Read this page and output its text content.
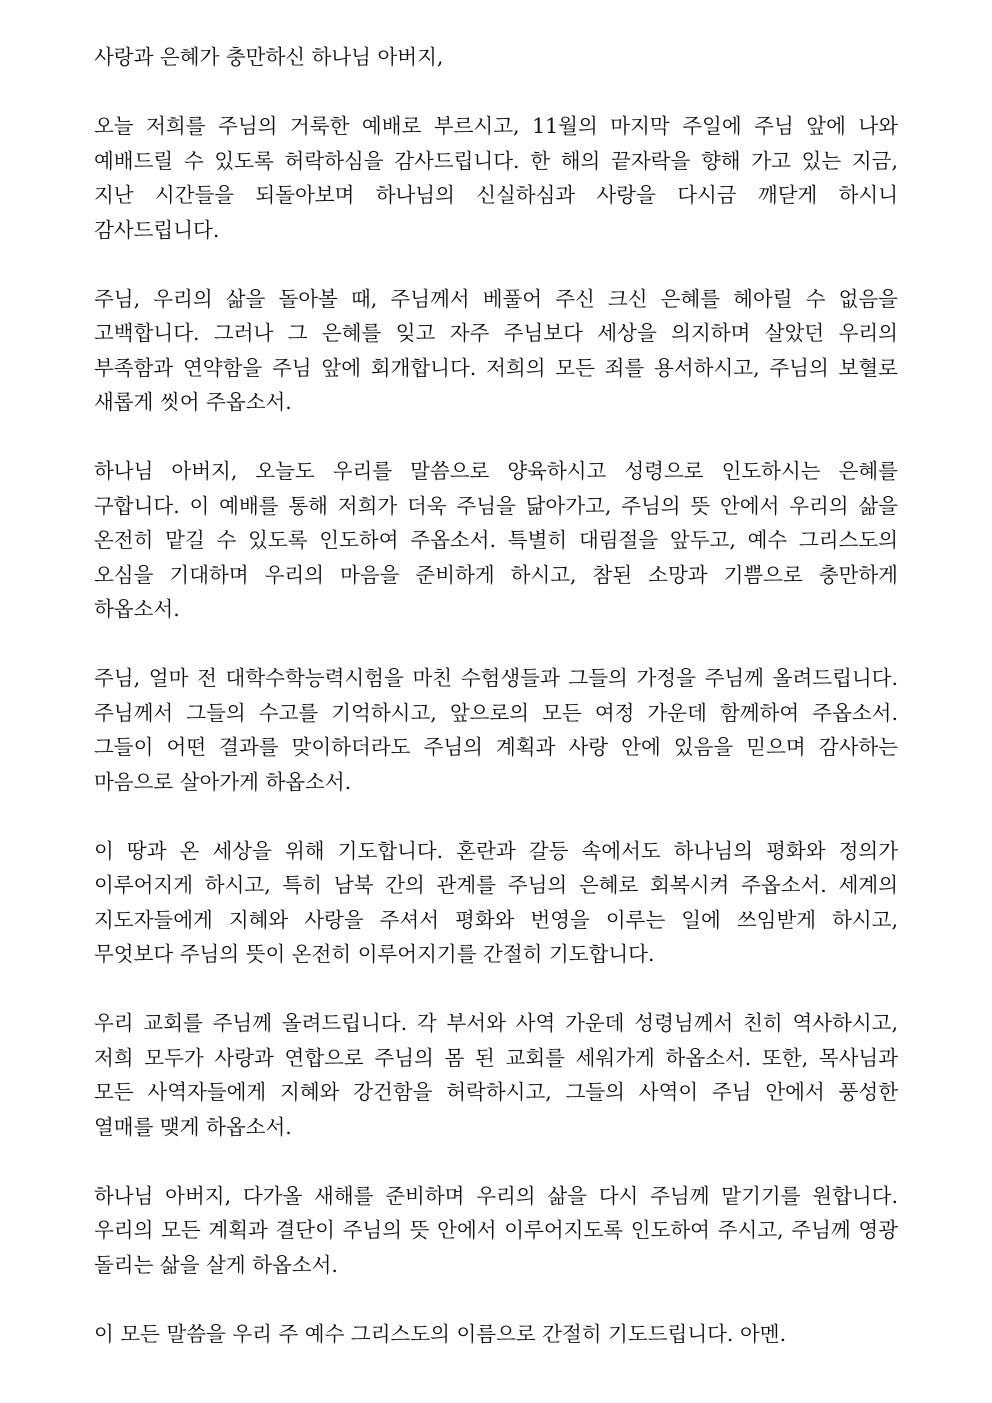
사랑과 은혜가 충만하신 하나님 아버지,

오늘 저희를 주님의 거룩한 예배로 부르시고, 11월의 마지막 주일에 주님 앞에 나와 예배드릴 수 있도록 허락하심을 감사드립니다. 한 해의 끝자락을 향해 가고 있는 지금, 지난 시간들을 되돌아보며 하나님의 신실하심과 사랑을 다시금 깨닫게 하시니 감사드립니다.

주님, 우리의 삶을 돌아볼 때, 주님께서 베풀어 주신 크신 은혜를 헤아릴 수 없음을 고백합니다. 그러나 그 은혜를 잊고 자주 주님보다 세상을 의지하며 살았던 우리의 부족함과 연약함을 주님 앞에 회개합니다. 저희의 모든 죄를 용서하시고, 주님의 보혈로 새롭게 씻어 주옵소서.

하나님 아버지, 오늘도 우리를 말씀으로 양육하시고 성령으로 인도하시는 은혜를 구합니다. 이 예배를 통해 저희가 더욱 주님을 닮아가고, 주님의 뜻 안에서 우리의 삶을 온전히 맡길 수 있도록 인도하여 주옵소서. 특별히 대림절을 앞두고, 예수 그리스도의 오심을 기대하며 우리의 마음을 준비하게 하시고, 참된 소망과 기쁨으로 충만하게 하옵소서.

주님, 얼마 전 대학수학능력시험을 마친 수험생들과 그들의 가정을 주님께 올려드립니다. 주님께서 그들의 수고를 기억하시고, 앞으로의 모든 여정 가운데 함께하여 주옵소서. 그들이 어떤 결과를 맞이하더라도 주님의 계획과 사랑 안에 있음을 믿으며 감사하는 마음으로 살아가게 하옵소서.

이 땅과 온 세상을 위해 기도합니다. 혼란과 갈등 속에서도 하나님의 평화와 정의가 이루어지게 하시고, 특히 남북 간의 관계를 주님의 은혜로 회복시켜 주옵소서. 세계의 지도자들에게 지혜와 사랑을 주셔서 평화와 번영을 이루는 일에 쓰임받게 하시고, 무엇보다 주님의 뜻이 온전히 이루어지기를 간절히 기도합니다.

우리 교회를 주님께 올려드립니다. 각 부서와 사역 가운데 성령님께서 친히 역사하시고, 저희 모두가 사랑과 연합으로 주님의 몸 된 교회를 세워가게 하옵소서. 또한, 목사님과 모든 사역자들에게 지혜와 강건함을 허락하시고, 그들의 사역이 주님 안에서 풍성한 열매를 맺게 하옵소서.

하나님 아버지, 다가올 새해를 준비하며 우리의 삶을 다시 주님께 맡기기를 원합니다. 우리의 모든 계획과 결단이 주님의 뜻 안에서 이루어지도록 인도하여 주시고, 주님께 영광 돌리는 삶을 살게 하옵소서.

이 모든 말씀을 우리 주 예수 그리스도의 이름으로 간절히 기도드립니다. 아멘.
